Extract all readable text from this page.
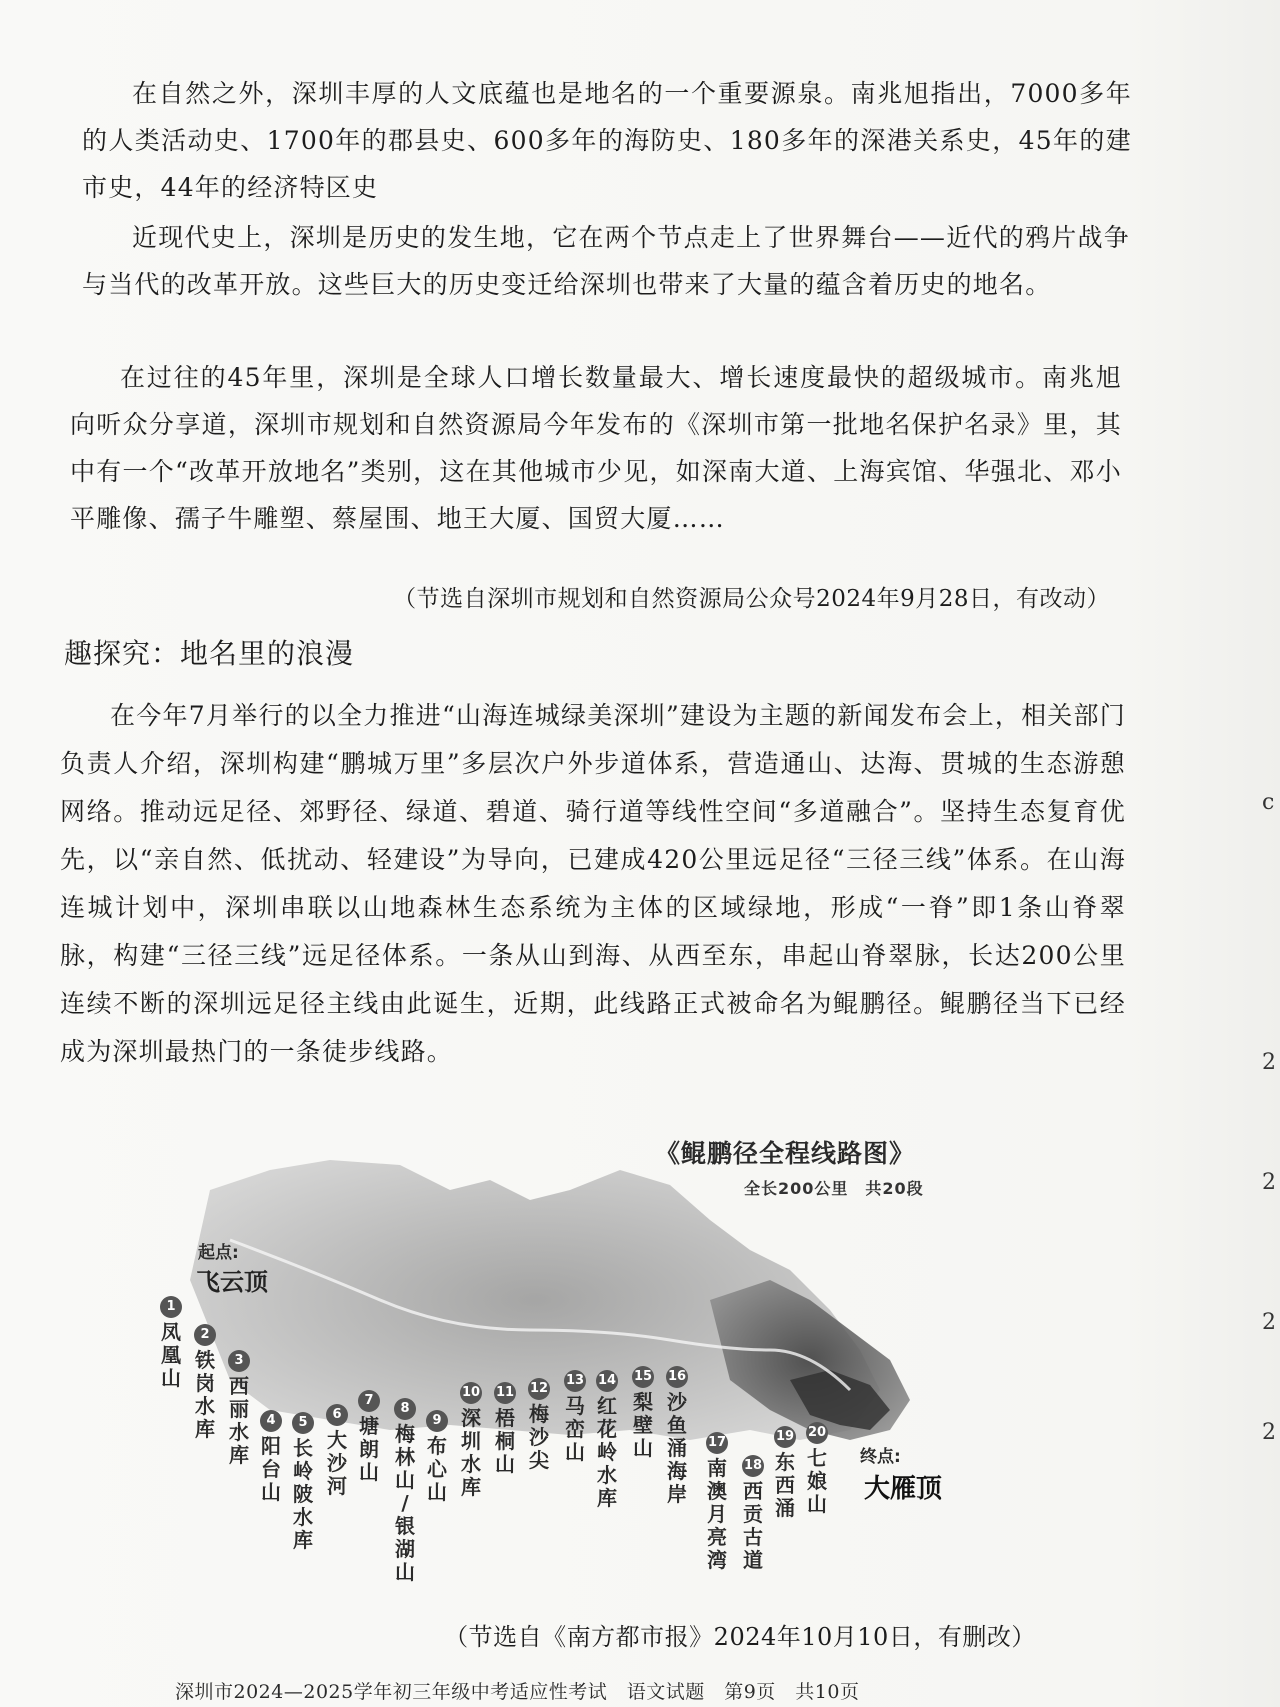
在自然之外，深圳丰厚的人文底蕴也是地名的一个重要源泉。南兆旭指出，7000多年的人类活动史、1700年的郡县史、600多年的海防史、180多年的深港关系史，45年的建市史，44年的经济特区史

近现代史上，深圳是历史的发生地，它在两个节点走上了世界舞台——近代的鸦片战争与当代的改革开放。这些巨大的历史变迁给深圳也带来了大量的蕴含着历史的地名。

在过往的45年里，深圳是全球人口增长数量最大、增长速度最快的超级城市。南兆旭向听众分享道，深圳市规划和自然资源局今年发布的《深圳市第一批地名保护名录》里，其中有一个“改革开放地名”类别，这在其他城市少见，如深南大道、上海宾馆、华强北、邓小平雕像、孺子牛雕塑、蔡屋围、地王大厦、国贸大厦……

（节选自深圳市规划和自然资源局公众号2024年9月28日，有改动）
趣探究：地名里的浪漫

在今年7月举行的以全力推进“山海连城绿美深圳”建设为主题的新闻发布会上，相关部门负责人介绍，深圳构建“鹏城万里”多层次户外步道体系，营造通山、达海、贯城的生态游憩网络。推动远足径、郊野径、绿道、碧道、骑行道等线性空间“多道融合”。坚持生态复育优先，以“亲自然、低扰动、轻建设”为导向，已建成420公里远足径“三径三线”体系。在山海连城计划中，深圳串联以山地森林生态系统为主体的区域绿地，形成“一脊”即1条山脊翠脉，构建“三径三线”远足径体系。一条从山到海、从西至东，串起山脊翠脉，长达200公里连续不断的深圳远足径主线由此诞生，近期，此线路正式被命名为鲲鹏径。鲲鹏径当下已经成为深圳最热门的一条徒步线路。

《鲲鹏径全程线路图》
全长200公里　共20段
起点:
飞云顶
终点:
大雁顶
1
凤
凰
山
2
铁
岗
水
库
3
西
丽
水
库
4
阳
台
山
5
长
岭
陂
水
库
6
大
沙
河
7
塘
朗
山
8
梅
林
山
/
银
湖
山
9
布
心
山
10
深
圳
水
库
11
梧
桐
山
12
梅
沙
尖
13
马
峦
山
14
红
花
岭
水
库
15
梨
壁
山
16
沙
鱼
涌
海
岸
17
南
澳
月
亮
湾
18
西
贡
古
道
19
东
西
涌
20
七
娘
山
（节选自《南方都市报》2024年10月10日，有删改）
深圳市2024—2025学年初三年级中考适应性考试　语文试题　第9页　共10页
c
2
2
2
2
